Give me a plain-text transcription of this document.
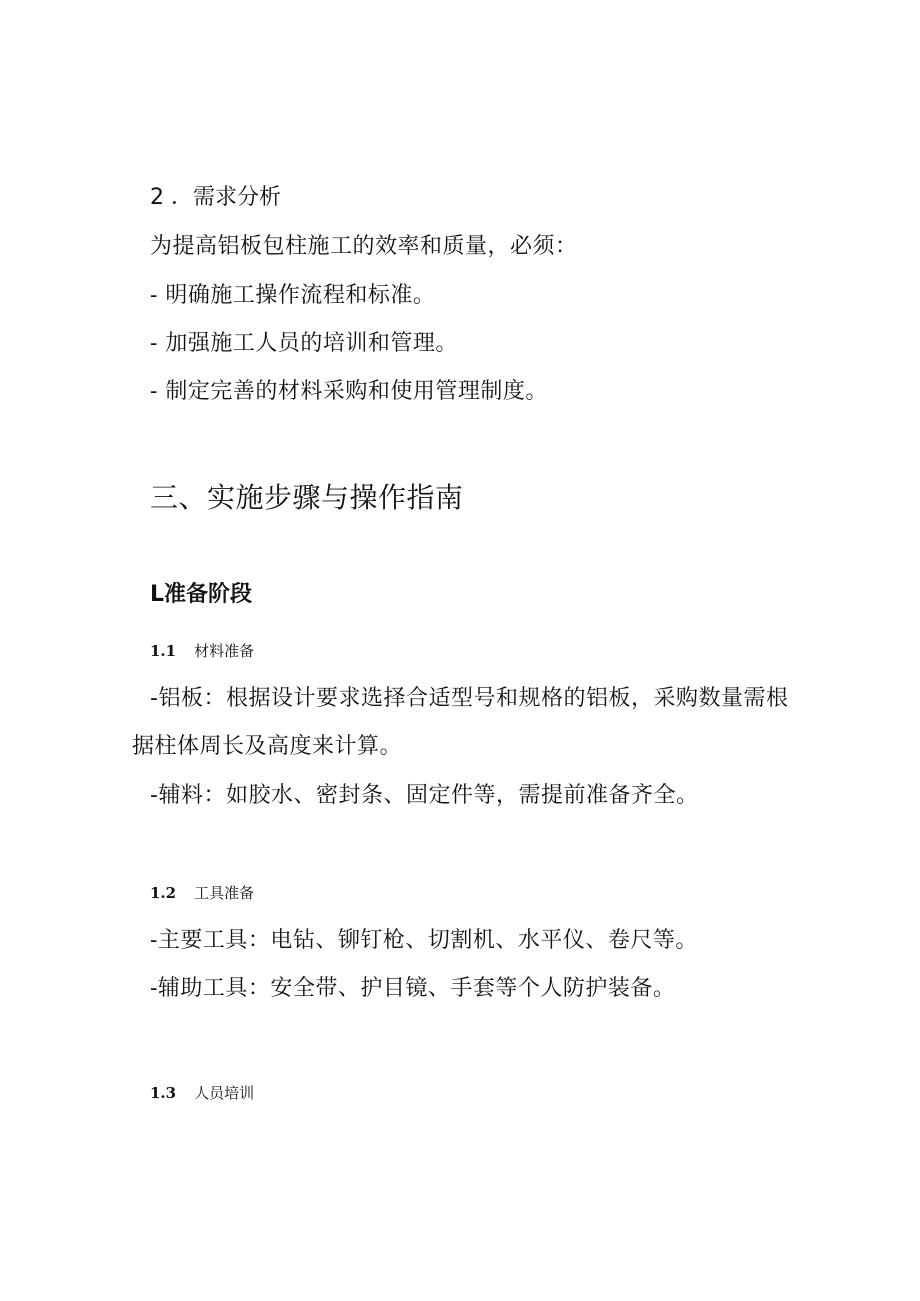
2 ．需求分析

为提高铝板包柱施工的效率和质量，必须：

- 明确施工操作流程和标准。

- 加强施工人员的培训和管理。

- 制定完善的材料采购和使用管理制度。

三、实施步骤与操作指南
L准备阶段
1.1 材料准备

-铝板：根据设计要求选择合适型号和规格的铝板，采购数量需根

据柱体周长及高度来计算。

-辅料：如胶水、密封条、固定件等，需提前准备齐全。

1.2 工具准备

-主要工具：电钻、铆钉枪、切割机、水平仪、卷尺等。

-辅助工具：安全带、护目镜、手套等个人防护装备。

1.3 人员培训
